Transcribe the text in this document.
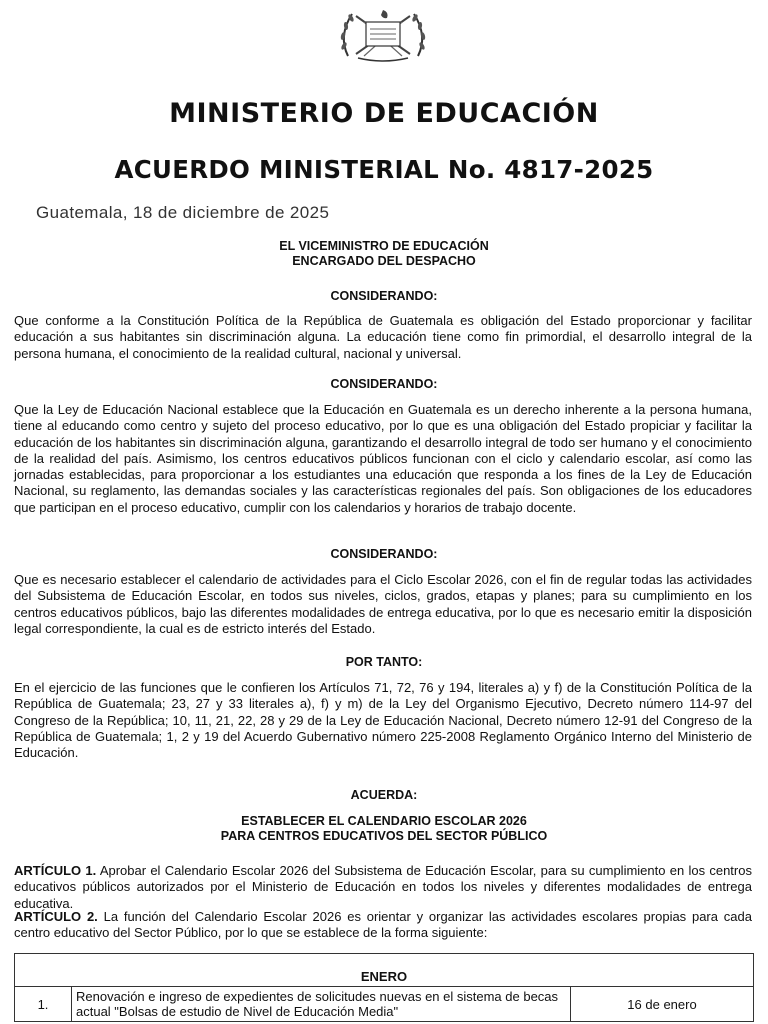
MINISTERIO DE EDUCACIÓN
ACUERDO MINISTERIAL No. 4817-2025
Guatemala, 18 de diciembre de 2025
EL VICEMINISTRO DE EDUCACIÓN
ENCARGADO DEL DESPACHO
CONSIDERANDO:
Que conforme a la Constitución Política de la República de Guatemala es obligación del Estado proporcionar y facilitar educación a sus habitantes sin discriminación alguna. La educación tiene como fin primordial, el desarrollo integral de la persona humana, el conocimiento de la realidad cultural, nacional y universal.
CONSIDERANDO:
Que la Ley de Educación Nacional establece que la Educación en Guatemala es un derecho inherente a la persona humana, tiene al educando como centro y sujeto del proceso educativo, por lo que es una obligación del Estado propiciar y facilitar la educación de los habitantes sin discriminación alguna, garantizando el desarrollo integral de todo ser humano y el conocimiento de la realidad del país. Asimismo, los centros educativos públicos funcionan con el ciclo y calendario escolar, así como las jornadas establecidas, para proporcionar a los estudiantes una educación que responda a los fines de la Ley de Educación Nacional, su reglamento, las demandas sociales y las características regionales del país. Son obligaciones de los educadores que participan en el proceso educativo, cumplir con los calendarios y horarios de trabajo docente.
CONSIDERANDO:
Que es necesario establecer el calendario de actividades para el Ciclo Escolar 2026, con el fin de regular todas las actividades del Subsistema de Educación Escolar, en todos sus niveles, ciclos, grados, etapas y planes; para su cumplimiento en los centros educativos públicos, bajo las diferentes modalidades de entrega educativa, por lo que es necesario emitir la disposición legal correspondiente, la cual es de estricto interés del Estado.
POR TANTO:
En el ejercicio de las funciones que le confieren los Artículos 71, 72, 76 y 194, literales a) y f) de la Constitución Política de la República de Guatemala; 23, 27 y 33 literales a), f) y m) de la Ley del Organismo Ejecutivo, Decreto número 114-97 del Congreso de la República; 10, 11, 21, 22, 28 y 29 de la Ley de Educación Nacional, Decreto número 12-91 del Congreso de la República de Guatemala; 1, 2 y 19 del Acuerdo Gubernativo número 225-2008 Reglamento Orgánico Interno del Ministerio de Educación.
ACUERDA:
ESTABLECER EL CALENDARIO ESCOLAR 2026
PARA CENTROS EDUCATIVOS DEL SECTOR PÚBLICO
ARTÍCULO 1. Aprobar el Calendario Escolar 2026 del Subsistema de Educación Escolar, para su cumplimiento en los centros educativos públicos autorizados por el Ministerio de Educación en todos los niveles y diferentes modalidades de entrega educativa.
ARTÍCULO 2. La función del Calendario Escolar 2026 es orientar y organizar las actividades escolares propias para cada centro educativo del Sector Público, por lo que se establece de la forma siguiente:
ENERO
1.	Renovación e ingreso de expedientes de solicitudes nuevas en el sistema de becas actual "Bolsas de estudio de Nivel de Educación Media"	16 de enero
